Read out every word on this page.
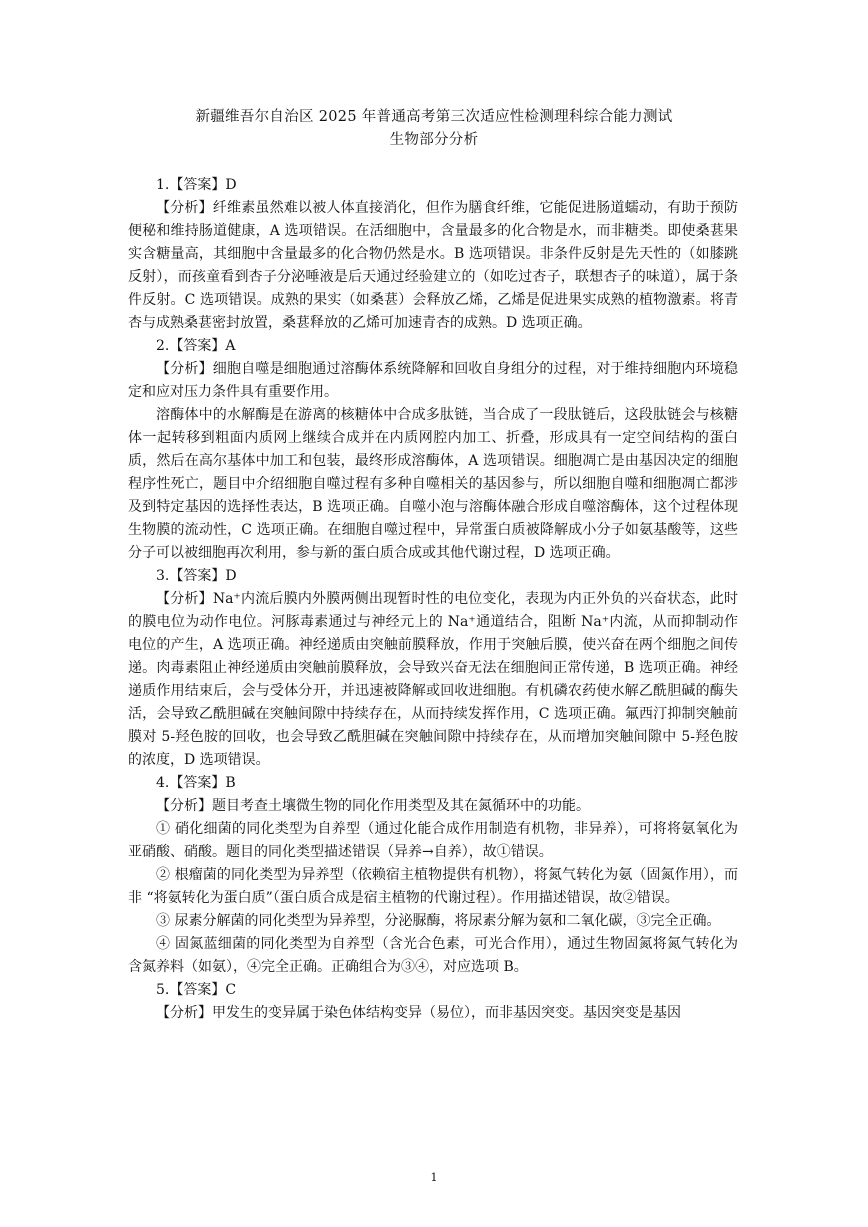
新疆维吾尔自治区 2025 年普通高考第三次适应性检测理科综合能力测试
生物部分分析

1.【答案】D

【分析】纤维素虽然难以被人体直接消化，但作为膳食纤维，它能促进肠道蠕动，有助于预防便秘和维持肠道健康，A 选项错误。在活细胞中，含量最多的化合物是水，而非糖类。即使桑葚果实含糖量高，其细胞中含量最多的化合物仍然是水。B 选项错误。非条件反射是先天性的（如膝跳反射），而孩童看到杏子分泌唾液是后天通过经验建立的（如吃过杏子，联想杏子的味道），属于条件反射。C 选项错误。成熟的果实（如桑葚）会释放乙烯，乙烯是促进果实成熟的植物激素。将青杏与成熟桑葚密封放置，桑葚释放的乙烯可加速青杏的成熟。D 选项正确。

2.【答案】A

【分析】细胞自噬是细胞通过溶酶体系统降解和回收自身组分的过程，对于维持细胞内环境稳定和应对压力条件具有重要作用。

溶酶体中的水解酶是在游离的核糖体中合成多肽链，当合成了一段肽链后，这段肽链会与核糖体一起转移到粗面内质网上继续合成并在内质网腔内加工、折叠，形成具有一定空间结构的蛋白质，然后在高尔基体中加工和包装，最终形成溶酶体，A 选项错误。细胞凋亡是由基因决定的细胞程序性死亡，题目中介绍细胞自噬过程有多种自噬相关的基因参与，所以细胞自噬和细胞凋亡都涉及到特定基因的选择性表达，B 选项正确。自噬小泡与溶酶体融合形成自噬溶酶体，这个过程体现生物膜的流动性，C 选项正确。在细胞自噬过程中，异常蛋白质被降解成小分子如氨基酸等，这些分子可以被细胞再次利用，参与新的蛋白质合成或其他代谢过程，D 选项正确。

3.【答案】D

【分析】Na⁺内流后膜内外膜两侧出现暂时性的电位变化，表现为内正外负的兴奋状态，此时的膜电位为动作电位。河豚毒素通过与神经元上的 Na⁺通道结合，阻断 Na⁺内流，从而抑制动作电位的产生，A 选项正确。神经递质由突触前膜释放，作用于突触后膜，使兴奋在两个细胞之间传递。肉毒素阻止神经递质由突触前膜释放，会导致兴奋无法在细胞间正常传递，B 选项正确。神经递质作用结束后，会与受体分开，并迅速被降解或回收进细胞。有机磷农药使水解乙酰胆碱的酶失活，会导致乙酰胆碱在突触间隙中持续存在，从而持续发挥作用，C 选项正确。氟西汀抑制突触前膜对 5-羟色胺的回收，也会导致乙酰胆碱在突触间隙中持续存在，从而增加突触间隙中 5-羟色胺的浓度，D 选项错误。

4.【答案】B

【分析】题目考查土壤微生物的同化作用类型及其在氮循环中的功能。

① 硝化细菌的同化类型为自养型（通过化能合成作用制造有机物，非异养），可将将氨氧化为亚硝酸、硝酸。题目的同化类型描述错误（异养→自养），故①错误。

② 根瘤菌的同化类型为异养型（依赖宿主植物提供有机物），将氮气转化为氨（固氮作用），而非 “将氨转化为蛋白质”（蛋白质合成是宿主植物的代谢过程）。作用描述错误，故②错误。

③ 尿素分解菌的同化类型为异养型，分泌脲酶，将尿素分解为氨和二氧化碳，③完全正确。

④ 固氮蓝细菌的同化类型为自养型（含光合色素，可光合作用），通过生物固氮将氮气转化为含氮养料（如氨），④完全正确。正确组合为③④，对应选项 B。

5.【答案】C

【分析】甲发生的变异属于染色体结构变异（易位），而非基因突变。基因突变是基因

1
